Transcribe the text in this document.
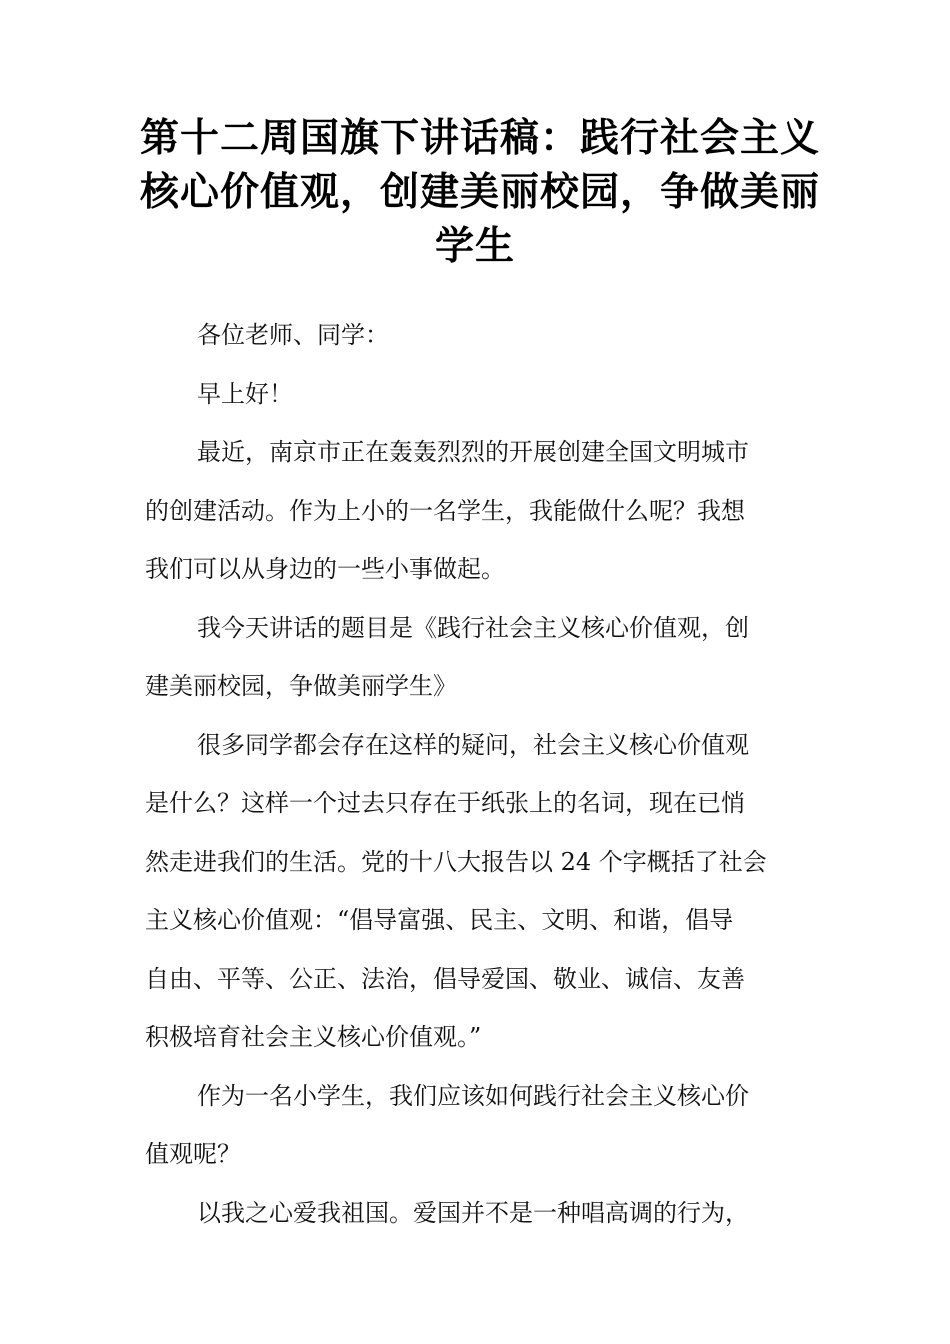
第十二周国旗下讲话稿：践行社会主义
核心价值观，创建美丽校园，争做美丽
学生

各位老师、同学：

早上好！

最近，南京市正在轰轰烈烈的开展创建全国文明城市
的创建活动。作为上小的一名学生，我能做什么呢？我想
我们可以从身边的一些小事做起。

我今天讲话的题目是《践行社会主义核心价值观，创
建美丽校园，争做美丽学生》

很多同学都会存在这样的疑问，社会主义核心价值观
是什么？这样一个过去只存在于纸张上的名词，现在已悄
然走进我们的生活。党的十八大报告以 24 个字概括了社会
主义核心价值观：“倡导富强、民主、文明、和谐，倡导
自由、平等、公正、法治，倡导爱国、敬业、诚信、友善
积极培育社会主义核心价值观。”

作为一名小学生，我们应该如何践行社会主义核心价
值观呢？

以我之心爱我祖国。爱国并不是一种唱高调的行为，
